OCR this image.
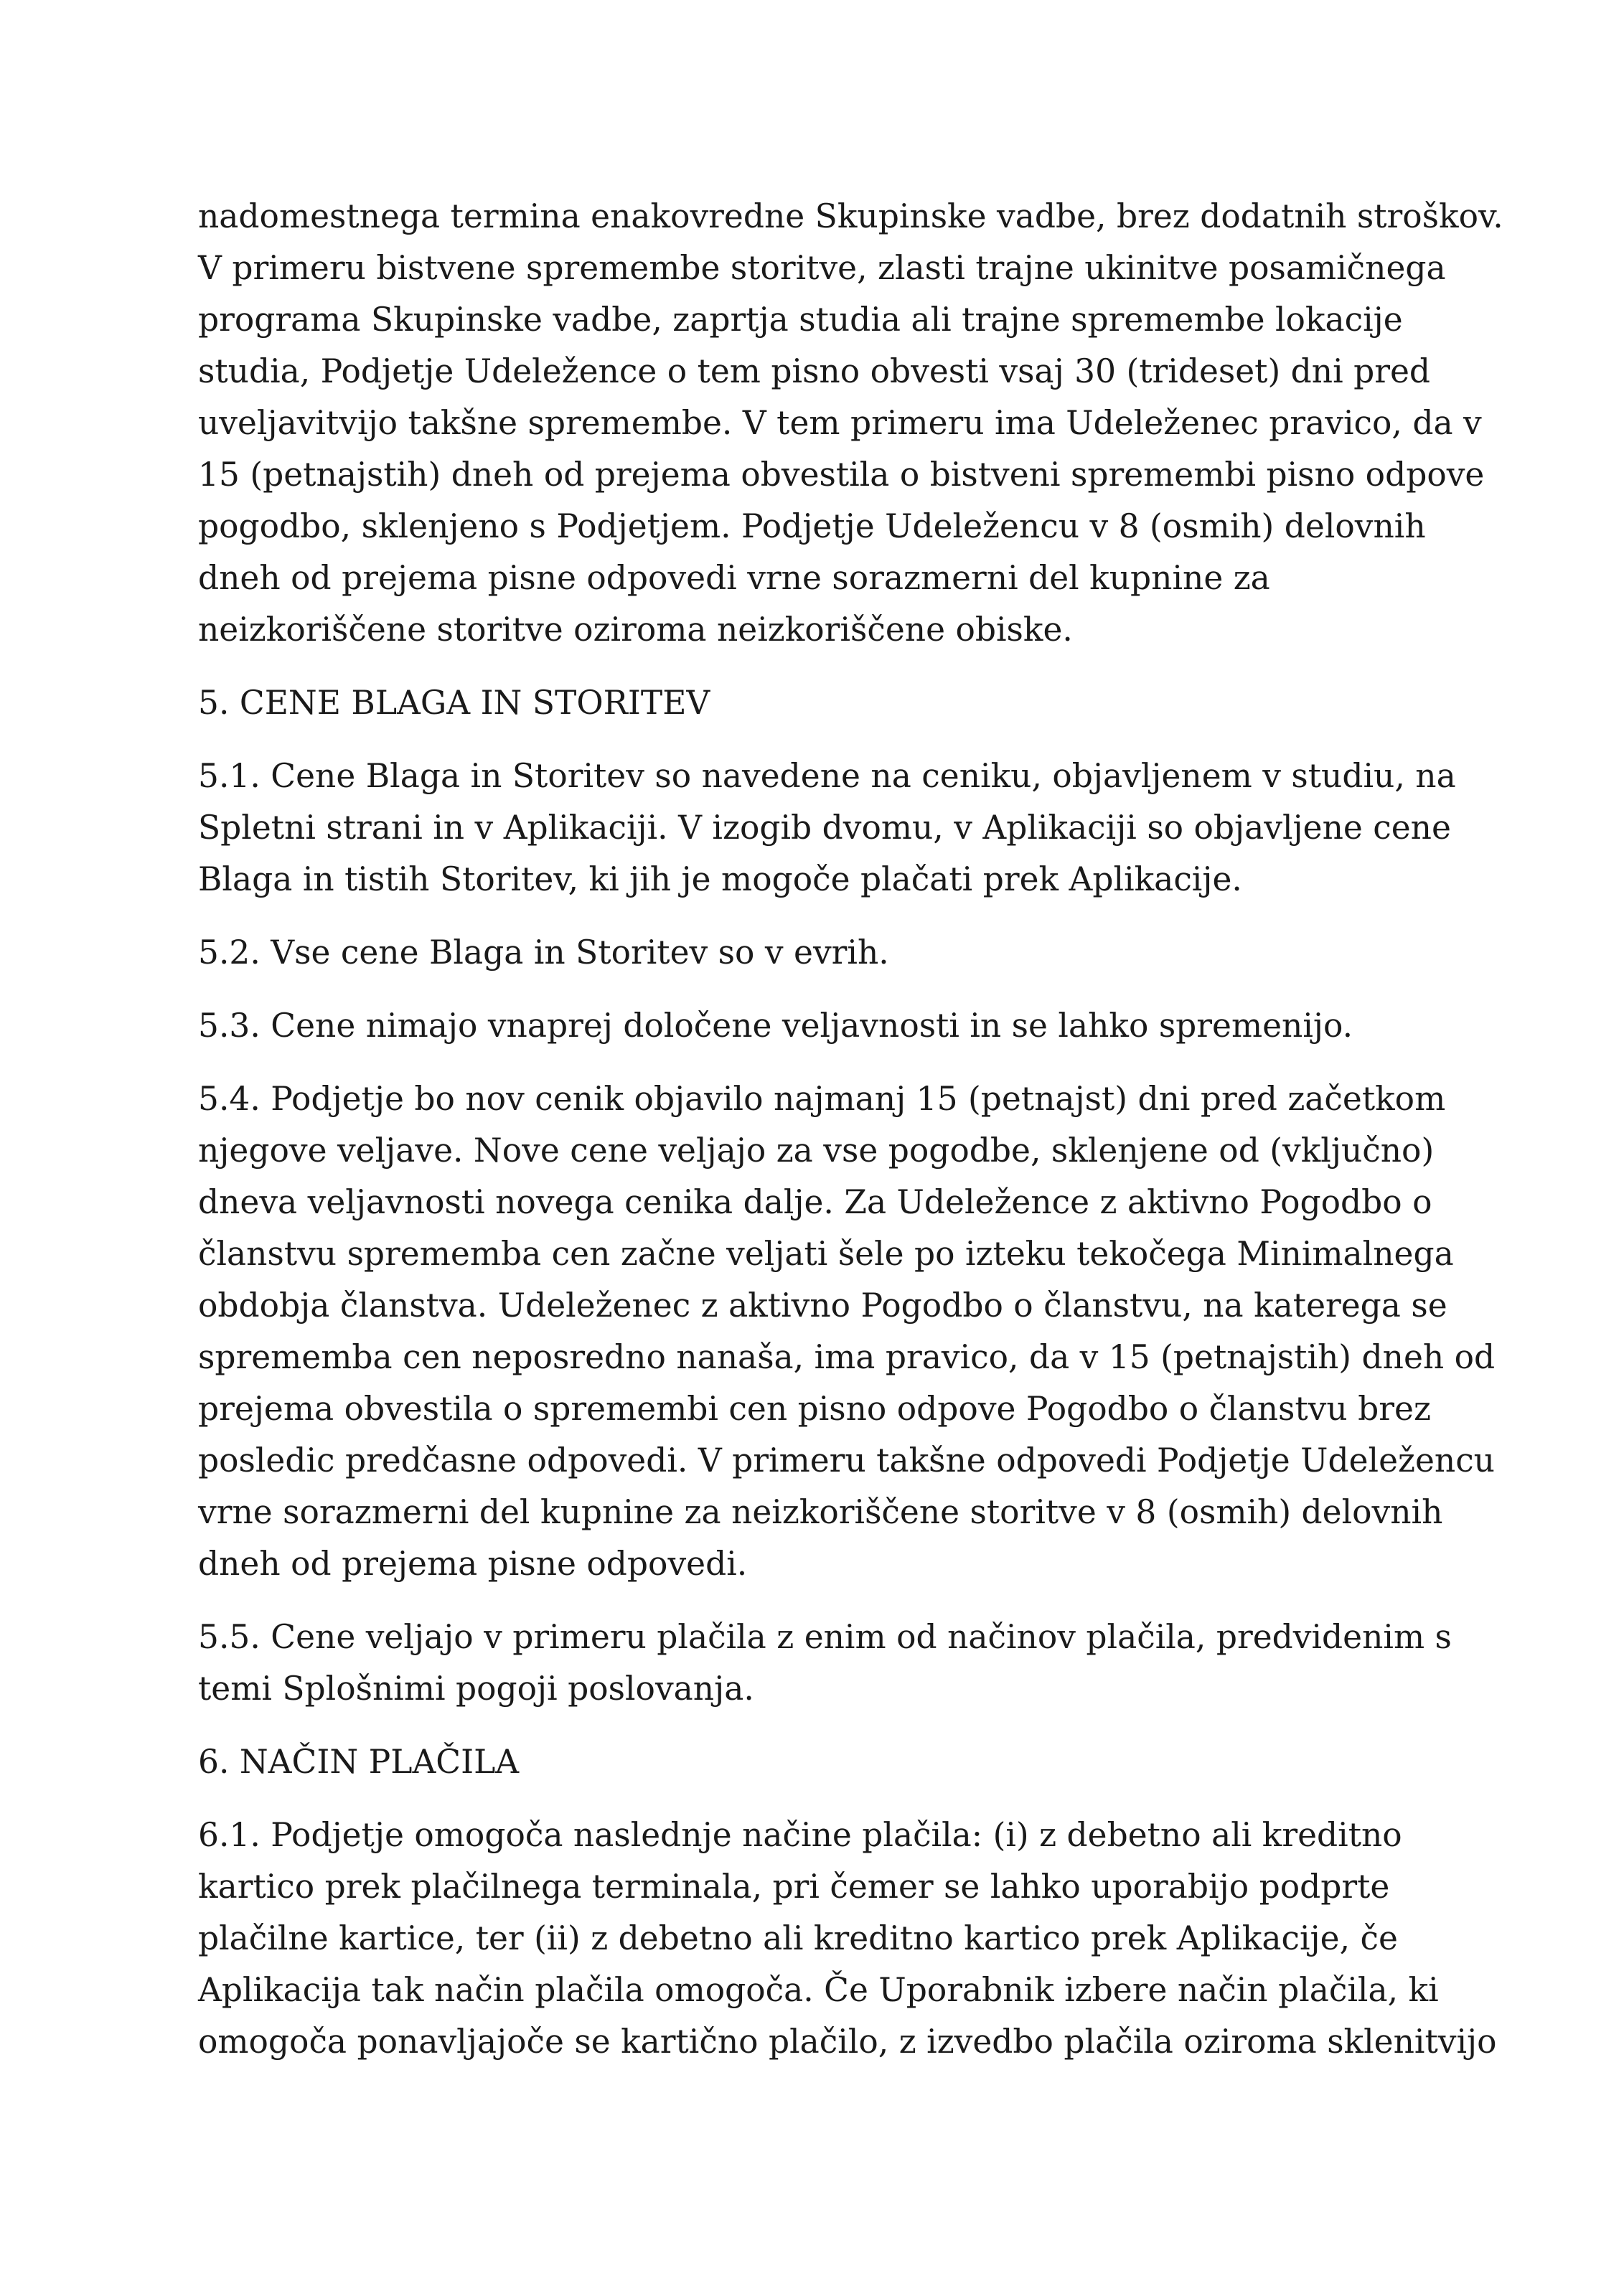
nadomestnega termina enakovredne Skupinske vadbe, brez dodatnih stroškov.
V primeru bistvene spremembe storitve, zlasti trajne ukinitve posamičnega
programa Skupinske vadbe, zaprtja studia ali trajne spremembe lokacije
studia, Podjetje Udeležence o tem pisno obvesti vsaj 30 (trideset) dni pred
uveljavitvijo takšne spremembe. V tem primeru ima Udeleženec pravico, da v
15 (petnajstih) dneh od prejema obvestila o bistveni spremembi pisno odpove
pogodbo, sklenjeno s Podjetjem. Podjetje Udeležencu v 8 (osmih) delovnih
dneh od prejema pisne odpovedi vrne sorazmerni del kupnine za
neizkoriščene storitve oziroma neizkoriščene obiske.

5. CENE BLAGA IN STORITEV

5.1. Cene Blaga in Storitev so navedene na ceniku, objavljenem v studiu, na
Spletni strani in v Aplikaciji. V izogib dvomu, v Aplikaciji so objavljene cene
Blaga in tistih Storitev, ki jih je mogoče plačati prek Aplikacije.

5.2. Vse cene Blaga in Storitev so v evrih.

5.3. Cene nimajo vnaprej določene veljavnosti in se lahko spremenijo.

5.4. Podjetje bo nov cenik objavilo najmanj 15 (petnajst) dni pred začetkom
njegove veljave. Nove cene veljajo za vse pogodbe, sklenjene od (vključno)
dneva veljavnosti novega cenika dalje. Za Udeležence z aktivno Pogodbo o
članstvu sprememba cen začne veljati šele po izteku tekočega Minimalnega
obdobja članstva. Udeleženec z aktivno Pogodbo o članstvu, na katerega se
sprememba cen neposredno nanaša, ima pravico, da v 15 (petnajstih) dneh od
prejema obvestila o spremembi cen pisno odpove Pogodbo o članstvu brez
posledic predčasne odpovedi. V primeru takšne odpovedi Podjetje Udeležencu
vrne sorazmerni del kupnine za neizkoriščene storitve v 8 (osmih) delovnih
dneh od prejema pisne odpovedi.

5.5. Cene veljajo v primeru plačila z enim od načinov plačila, predvidenim s
temi Splošnimi pogoji poslovanja.

6. NAČIN PLAČILA

6.1. Podjetje omogoča naslednje načine plačila: (i) z debetno ali kreditno
kartico prek plačilnega terminala, pri čemer se lahko uporabijo podprte
plačilne kartice, ter (ii) z debetno ali kreditno kartico prek Aplikacije, če
Aplikacija tak način plačila omogoča. Če Uporabnik izbere način plačila, ki
omogoča ponavljajoče se kartično plačilo, z izvedbo plačila oziroma sklenitvijo
